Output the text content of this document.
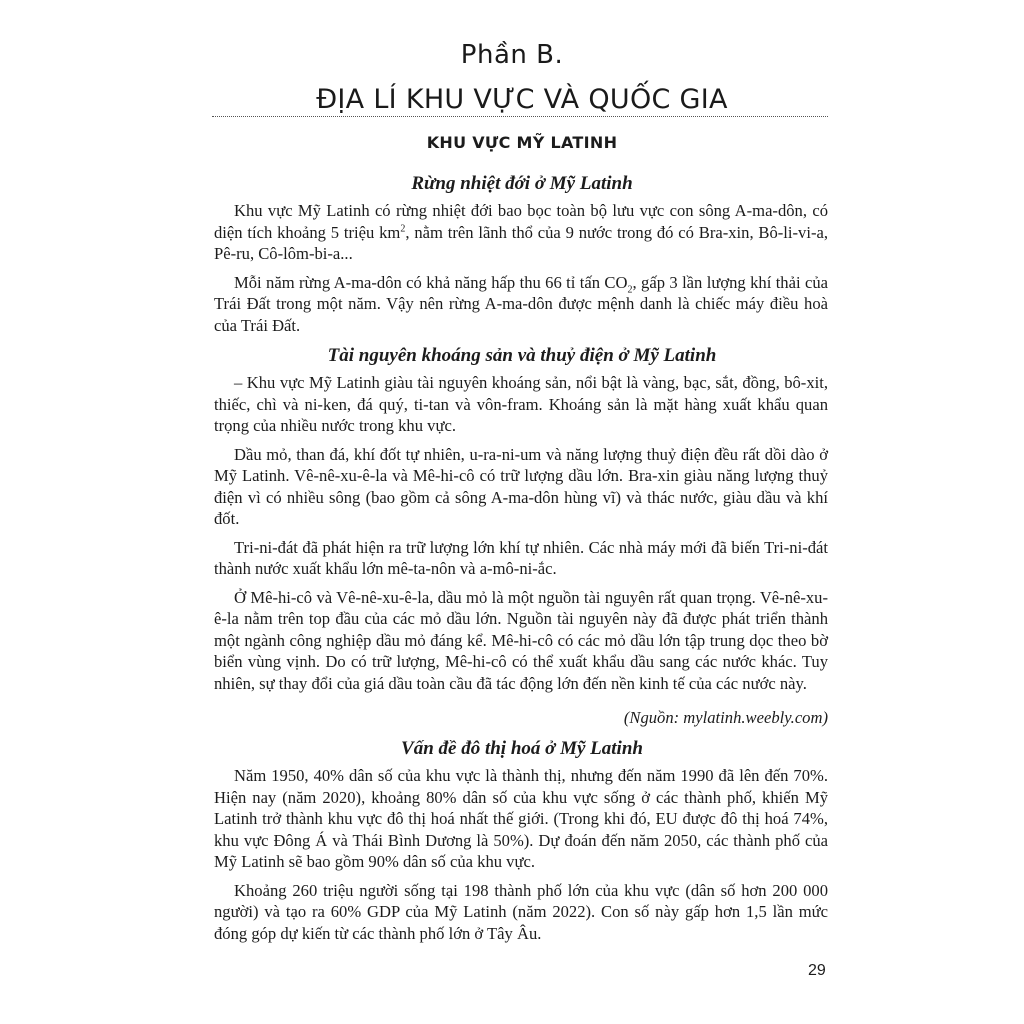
Phần B.
ĐỊA LÍ KHU VỰC VÀ QUỐC GIA
KHU VỰC MỸ LATINH
Rừng nhiệt đới ở Mỹ Latinh

Khu vực Mỹ Latinh có rừng nhiệt đới bao bọc toàn bộ lưu vực con sông A-ma-dôn, có diện tích khoảng 5 triệu $km^2$, nằm trên lãnh thổ của 9 nước trong đó có Bra-xin, Bô-li-vi-a, Pê-ru, Cô-lôm-bi-a...

Mỗi năm rừng A-ma-dôn có khả năng hấp thu 66 tỉ tấn $CO_2$, gấp 3 lần lượng khí thải của Trái Đất trong một năm. Vậy nên rừng A-ma-dôn được mệnh danh là chiếc máy điều hoà của Trái Đất.

Tài nguyên khoáng sản và thuỷ điện ở Mỹ Latinh

– Khu vực Mỹ Latinh giàu tài nguyên khoáng sản, nổi bật là vàng, bạc, sắt, đồng, bô-xit, thiếc, chì và ni-ken, đá quý, ti-tan và vôn-fram. Khoáng sản là mặt hàng xuất khẩu quan trọng của nhiều nước trong khu vực.

Dầu mỏ, than đá, khí đốt tự nhiên, u-ra-ni-um và năng lượng thuỷ điện đều rất dồi dào ở Mỹ Latinh. Vê-nê-xu-ê-la và Mê-hi-cô có trữ lượng dầu lớn. Bra-xin giàu năng lượng thuỷ điện vì có nhiều sông (bao gồm cả sông A-ma-dôn hùng vĩ) và thác nước, giàu dầu và khí đốt.

Tri-ni-đát đã phát hiện ra trữ lượng lớn khí tự nhiên. Các nhà máy mới đã biến Tri-ni-đát thành nước xuất khẩu lớn mê-ta-nôn và a-mô-ni-ắc.

Ở Mê-hi-cô và Vê-nê-xu-ê-la, dầu mỏ là một nguồn tài nguyên rất quan trọng. Vê-nê-xu-ê-la nằm trên top đầu của các mỏ dầu lớn. Nguồn tài nguyên này đã được phát triển thành một ngành công nghiệp dầu mỏ đáng kể. Mê-hi-cô có các mỏ dầu lớn tập trung dọc theo bờ biển vùng vịnh. Do có trữ lượng, Mê-hi-cô có thể xuất khẩu dầu sang các nước khác. Tuy nhiên, sự thay đổi của giá dầu toàn cầu đã tác động lớn đến nền kinh tế của các nước này.

(Nguồn: mylatinh.weebly.com)
Vấn đề đô thị hoá ở Mỹ Latinh

Năm 1950, 40% dân số của khu vực là thành thị, nhưng đến năm 1990 đã lên đến 70%. Hiện nay (năm 2020), khoảng 80% dân số của khu vực sống ở các thành phố, khiến Mỹ Latinh trở thành khu vực đô thị hoá nhất thế giới. (Trong khi đó, EU được đô thị hoá 74%, khu vực Đông Á và Thái Bình Dương là 50%). Dự đoán đến năm 2050, các thành phố của Mỹ Latinh sẽ bao gồm 90% dân số của khu vực.

Khoảng 260 triệu người sống tại 198 thành phố lớn của khu vực (dân số hơn 200 000 người) và tạo ra 60% GDP của Mỹ Latinh (năm 2022). Con số này gấp hơn 1,5 lần mức đóng góp dự kiến từ các thành phố lớn ở Tây Âu.

29
